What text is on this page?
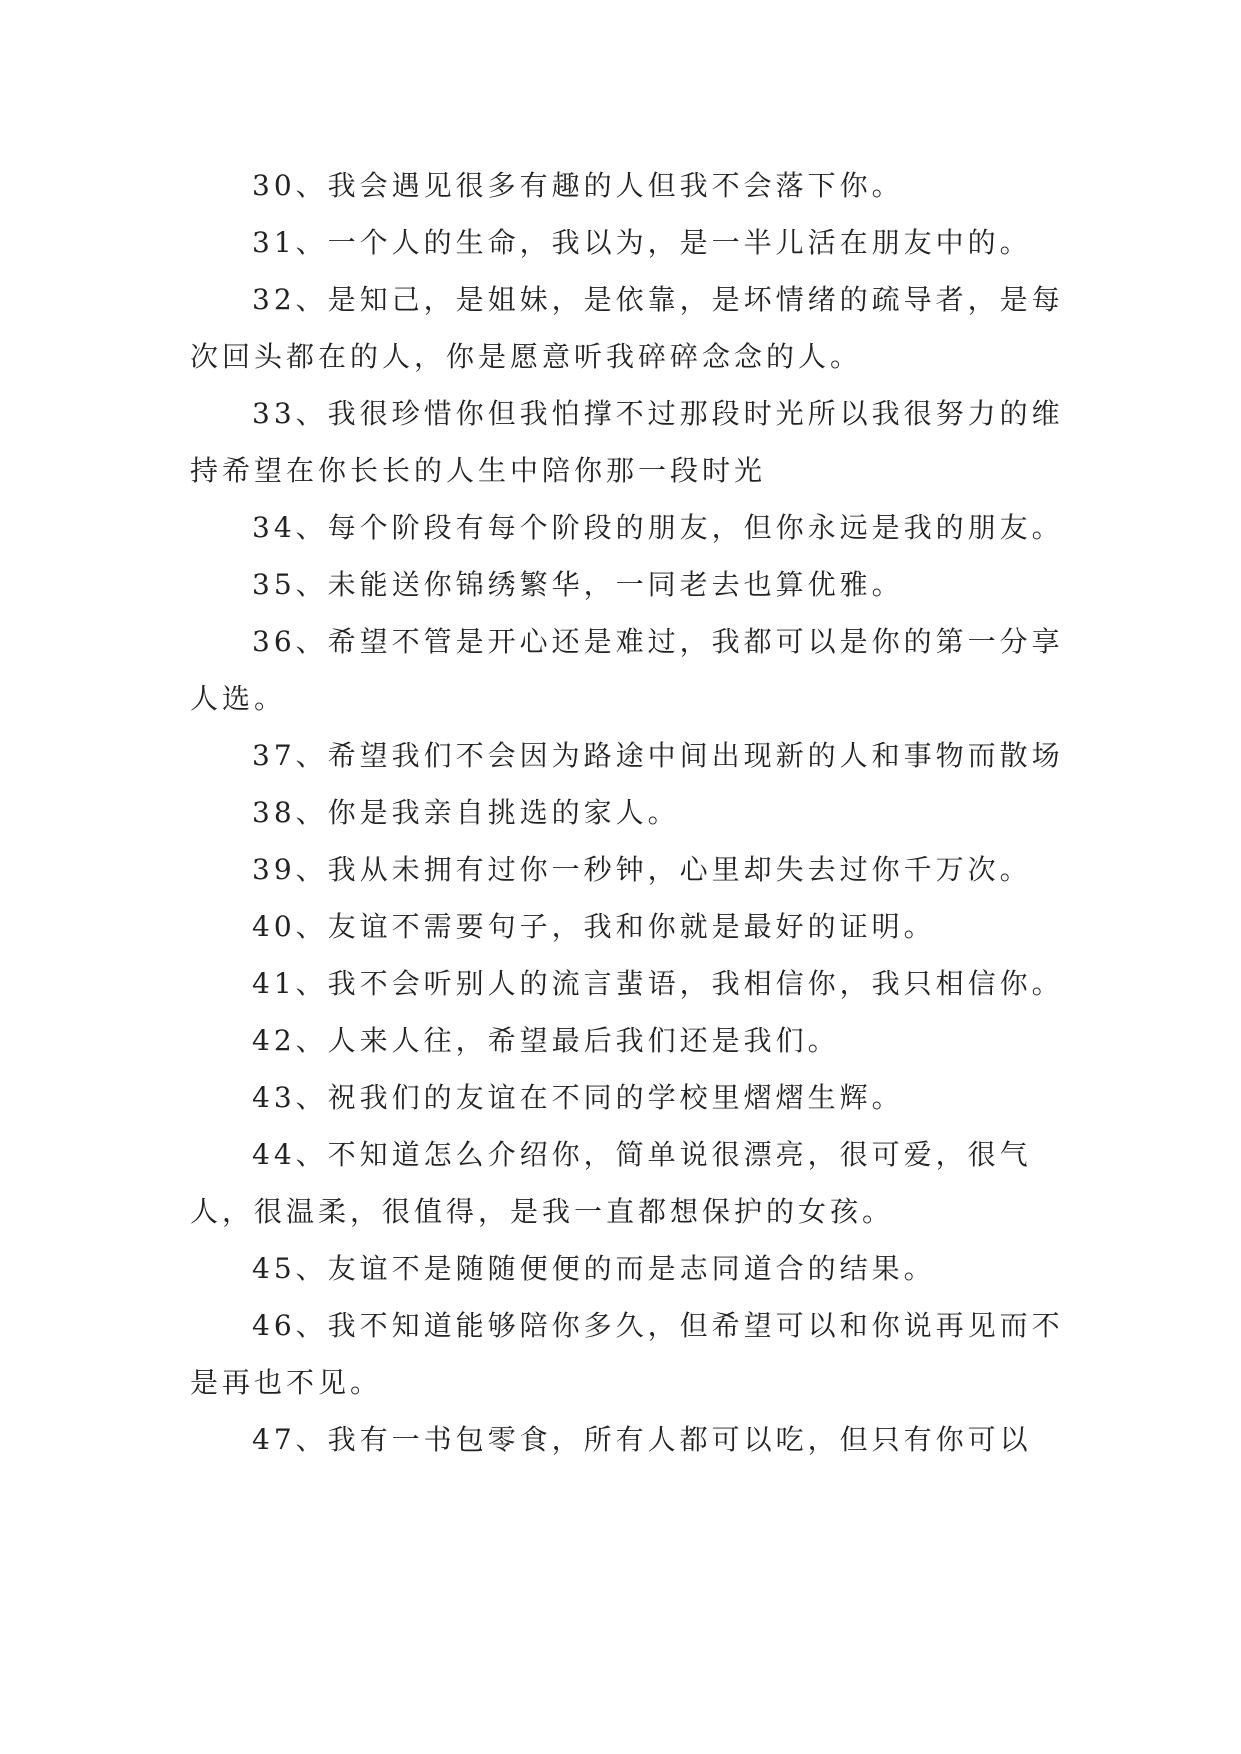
30、我会遇见很多有趣的人但我不会落下你。

31、一个人的生命，我以为，是一半儿活在朋友中的。

32、是知己，是姐妹，是依靠，是坏情绪的疏导者，是每次回头都在的人，你是愿意听我碎碎念念的人。

33、我很珍惜你但我怕撑不过那段时光所以我很努力的维持希望在你长长的人生中陪你那一段时光

34、每个阶段有每个阶段的朋友，但你永远是我的朋友。

35、未能送你锦绣繁华，一同老去也算优雅。

36、希望不管是开心还是难过，我都可以是你的第一分享人选。

37、希望我们不会因为路途中间出现新的人和事物而散场

38、你是我亲自挑选的家人。

39、我从未拥有过你一秒钟，心里却失去过你千万次。

40、友谊不需要句子，我和你就是最好的证明。

41、我不会听别人的流言蜚语，我相信你，我只相信你。

42、人来人往，希望最后我们还是我们。

43、祝我们的友谊在不同的学校里熠熠生辉。

44、不知道怎么介绍你，简单说很漂亮，很可爱，很气人，很温柔，很值得，是我一直都想保护的女孩。

45、友谊不是随随便便的而是志同道合的结果。

46、我不知道能够陪你多久，但希望可以和你说再见而不是再也不见。

47、我有一书包零食，所有人都可以吃，但只有你可以
